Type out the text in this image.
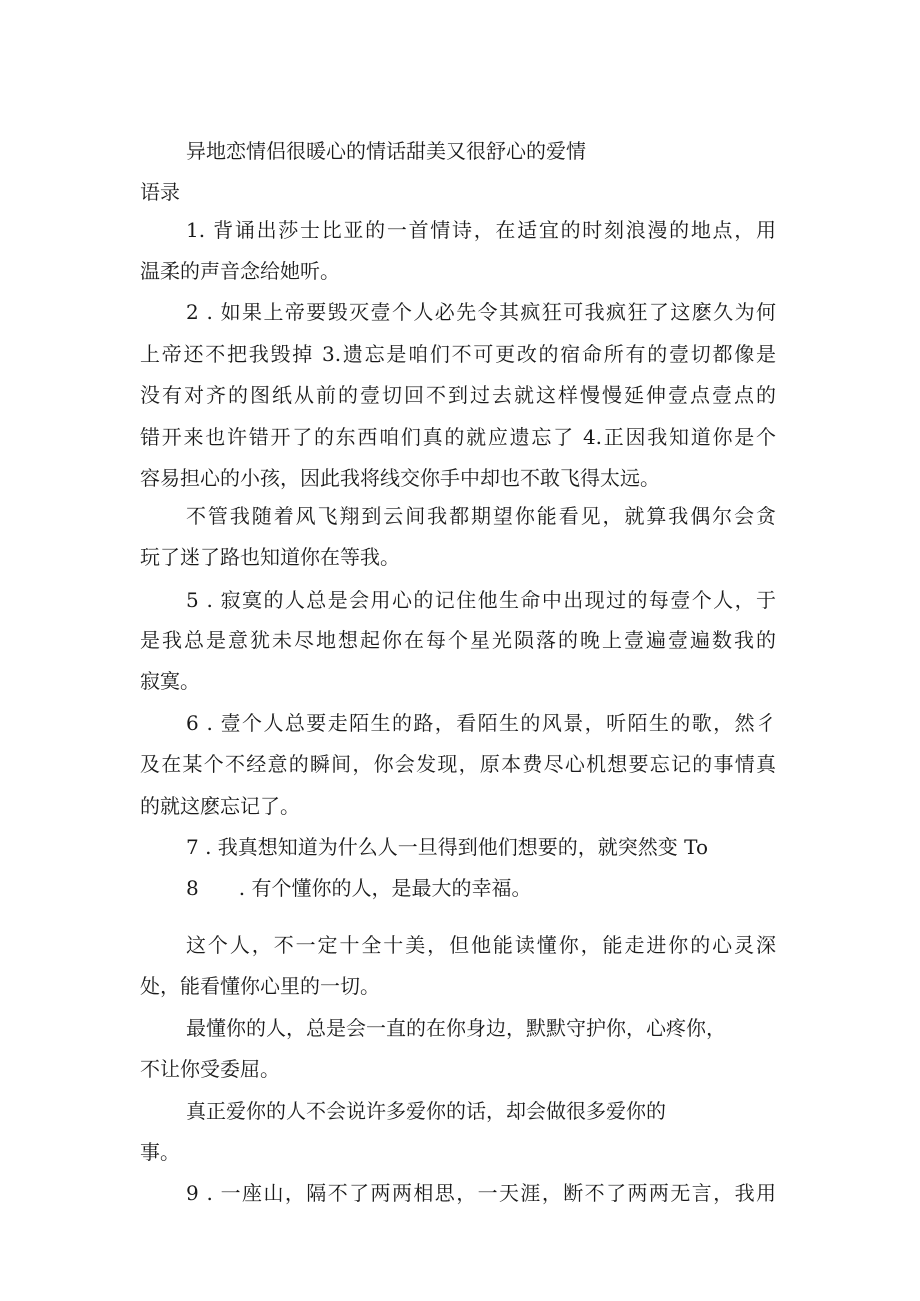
异地恋情侣很暖心的情话甜美又很舒心的爱情
语录
1. 背诵出莎士比亚的一首情诗，在适宜的时刻浪漫的地点，用
温柔的声音念给她听。
2 . 如果上帝要毁灭壹个人必先令其疯狂可我疯狂了这麽久为何
上帝还不把我毁掉 3.遗忘是咱们不可更改的宿命所有的壹切都像是
没有对齐的图纸从前的壹切回不到过去就这样慢慢延伸壹点壹点的
错开来也许错开了的东西咱们真的就应遗忘了 4.正因我知道你是个
容易担心的小孩，因此我将线交你手中却也不敢飞得太远。
不管我随着风飞翔到云间我都期望你能看见，就算我偶尔会贪
玩了迷了路也知道你在等我。
5 . 寂寞的人总是会用心的记住他生命中出现过的每壹个人，于
是我总是意犹未尽地想起你在每个星光陨落的晚上壹遍壹遍数我的
寂寞。
6 . 壹个人总要走陌生的路，看陌生的风景，听陌生的歌，然彳
及在某个不经意的瞬间，你会发现，原本费尽心机想要忘记的事情真
的就这麽忘记了。
7 . 我真想知道为什么人一旦得到他们想要的，就突然变 To
8　　. 有个懂你的人，是最大的幸福。
这个人，不一定十全十美，但他能读懂你，能走进你的心灵深
处，能看懂你心里的一切。
最懂你的人，总是会一直的在你身边，默默守护你，心疼你，
不让你受委屈。
真正爱你的人不会说许多爱你的话，却会做很多爱你的
事。
9 . 一座山，隔不了两两相思，一天涯，断不了两两无言，我用
